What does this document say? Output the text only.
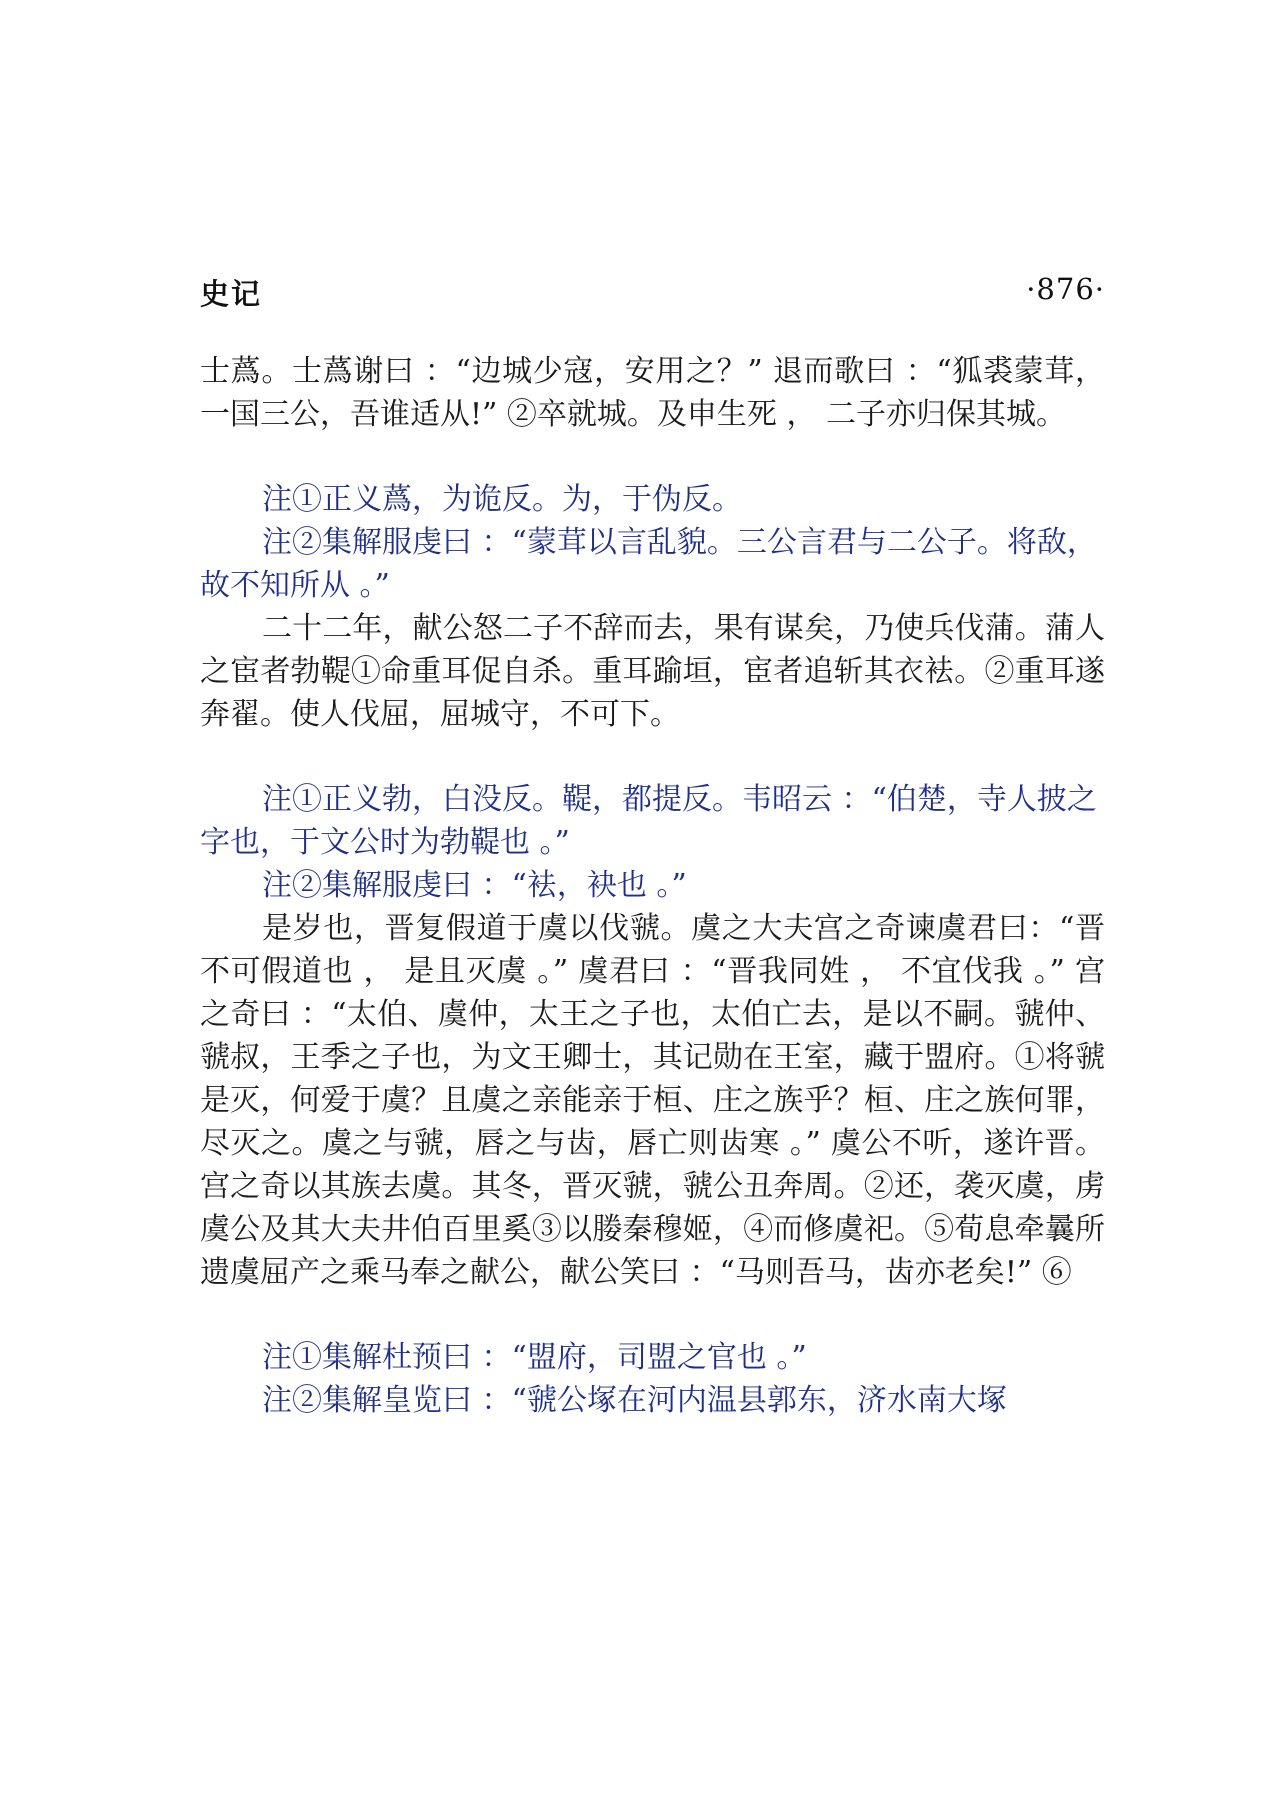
史记	·876·

士蔿。士蔿谢曰 ：“边城少寇，安用之？” 退而歌曰 ：“狐裘蒙茸，一国三公，吾谁适从!” ②卒就城。及申生死 ， 二子亦归保其城。

注①正义蔿，为诡反。为，于伪反。

注②集解服虔曰 ：“蒙茸以言乱貌。三公言君与二公子。将敌，故不知所从 。”

二十二年，献公怒二子不辞而去，果有谋矣，乃使兵伐蒲。蒲人之宦者勃鞮①命重耳促自杀。重耳踰垣，宦者追斩其衣袪。②重耳遂奔翟。使人伐屈，屈城守，不可下。

注①正义勃，白没反。鞮，都提反。韦昭云 ：“伯楚，寺人披之字也，于文公时为勃鞮也 。”

注②集解服虔曰 ：“袪，袂也 。”

是岁也，晋复假道于虞以伐虢。虞之大夫宫之奇谏虞君曰：“晋不可假道也 ， 是且灭虞 。” 虞君曰 ：“晋我同姓 ， 不宜伐我 。” 宫之奇曰 ：“太伯、虞仲，太王之子也，太伯亡去，是以不嗣。虢仲、虢叔，王季之子也，为文王卿士，其记勋在王室，藏于盟府。①将虢是灭，何爱于虞？且虞之亲能亲于桓、庄之族乎？桓、庄之族何罪，尽灭之。虞之与虢，唇之与齿，唇亡则齿寒 。” 虞公不听，遂许晋。宫之奇以其族去虞。其冬，晋灭虢，虢公丑奔周。②还，袭灭虞，虏虞公及其大夫井伯百里奚③以媵秦穆姬，④而修虞祀。⑤荀息牵曩所遗虞屈产之乘马奉之献公，献公笑曰 ：“马则吾马，齿亦老矣!” ⑥

注①集解杜预曰 ：“盟府，司盟之官也 。”

注②集解皇览曰 ：“虢公塚在河内温县郭东，济水南大塚
